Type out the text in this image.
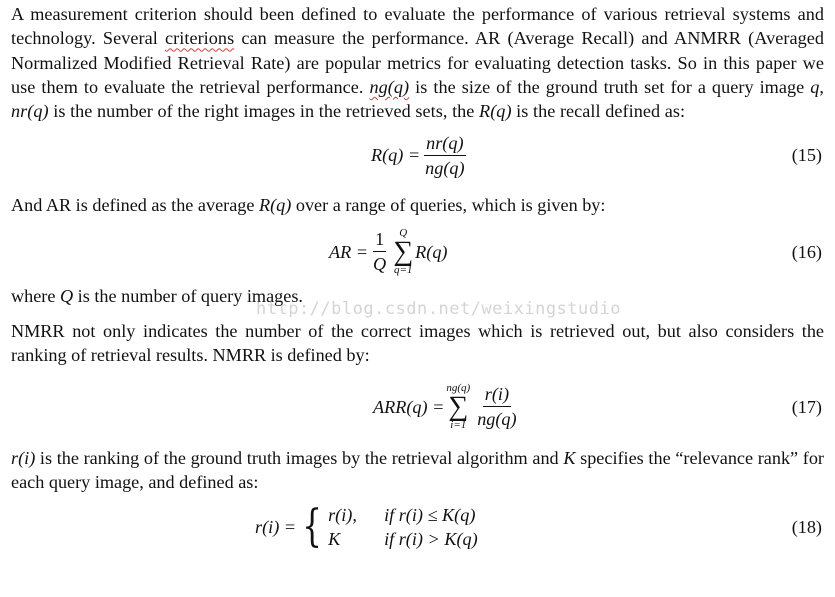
A measurement criterion should been defined to evaluate the performance of various retrieval systems and technology. Several criterions can measure the performance. AR (Average Recall) and ANMRR (Averaged Normalized Modified Retrieval Rate) are popular metrics for evaluating detection tasks. So in this paper we use them to evaluate the retrieval performance. ng(q) is the size of the ground truth set for a query image q, nr(q) is the number of the right images in the retrieved sets, the R(q) is the recall defined as:

$R(q) = \frac{nr(q)}{ng(q)}$	(15)

And AR is defined as the average R(q) over a range of queries, which is given by:

AR = $\frac{1}{Q}$ Q
∑
q=1
R(q)	(16)

where Q is the number of query images.

NMRR not only indicates the number of the correct images which is retrieved out, but also considers the ranking of retrieval results. NMRR is defined by:

ARR(q) =
ng(q)
∑
$i=1 \frac{r(i)}{ng(q)}$	(17)

r(i) is the ranking of the ground truth images by the retrieval algorithm and K specifies the “relevance rank” for each query image, and defined as:

r(i) = { r(i),	if r(i) ≤ K(q)
K	if r(i) > K(q)
(18)
http://blog.csdn.net/weixingstudio
